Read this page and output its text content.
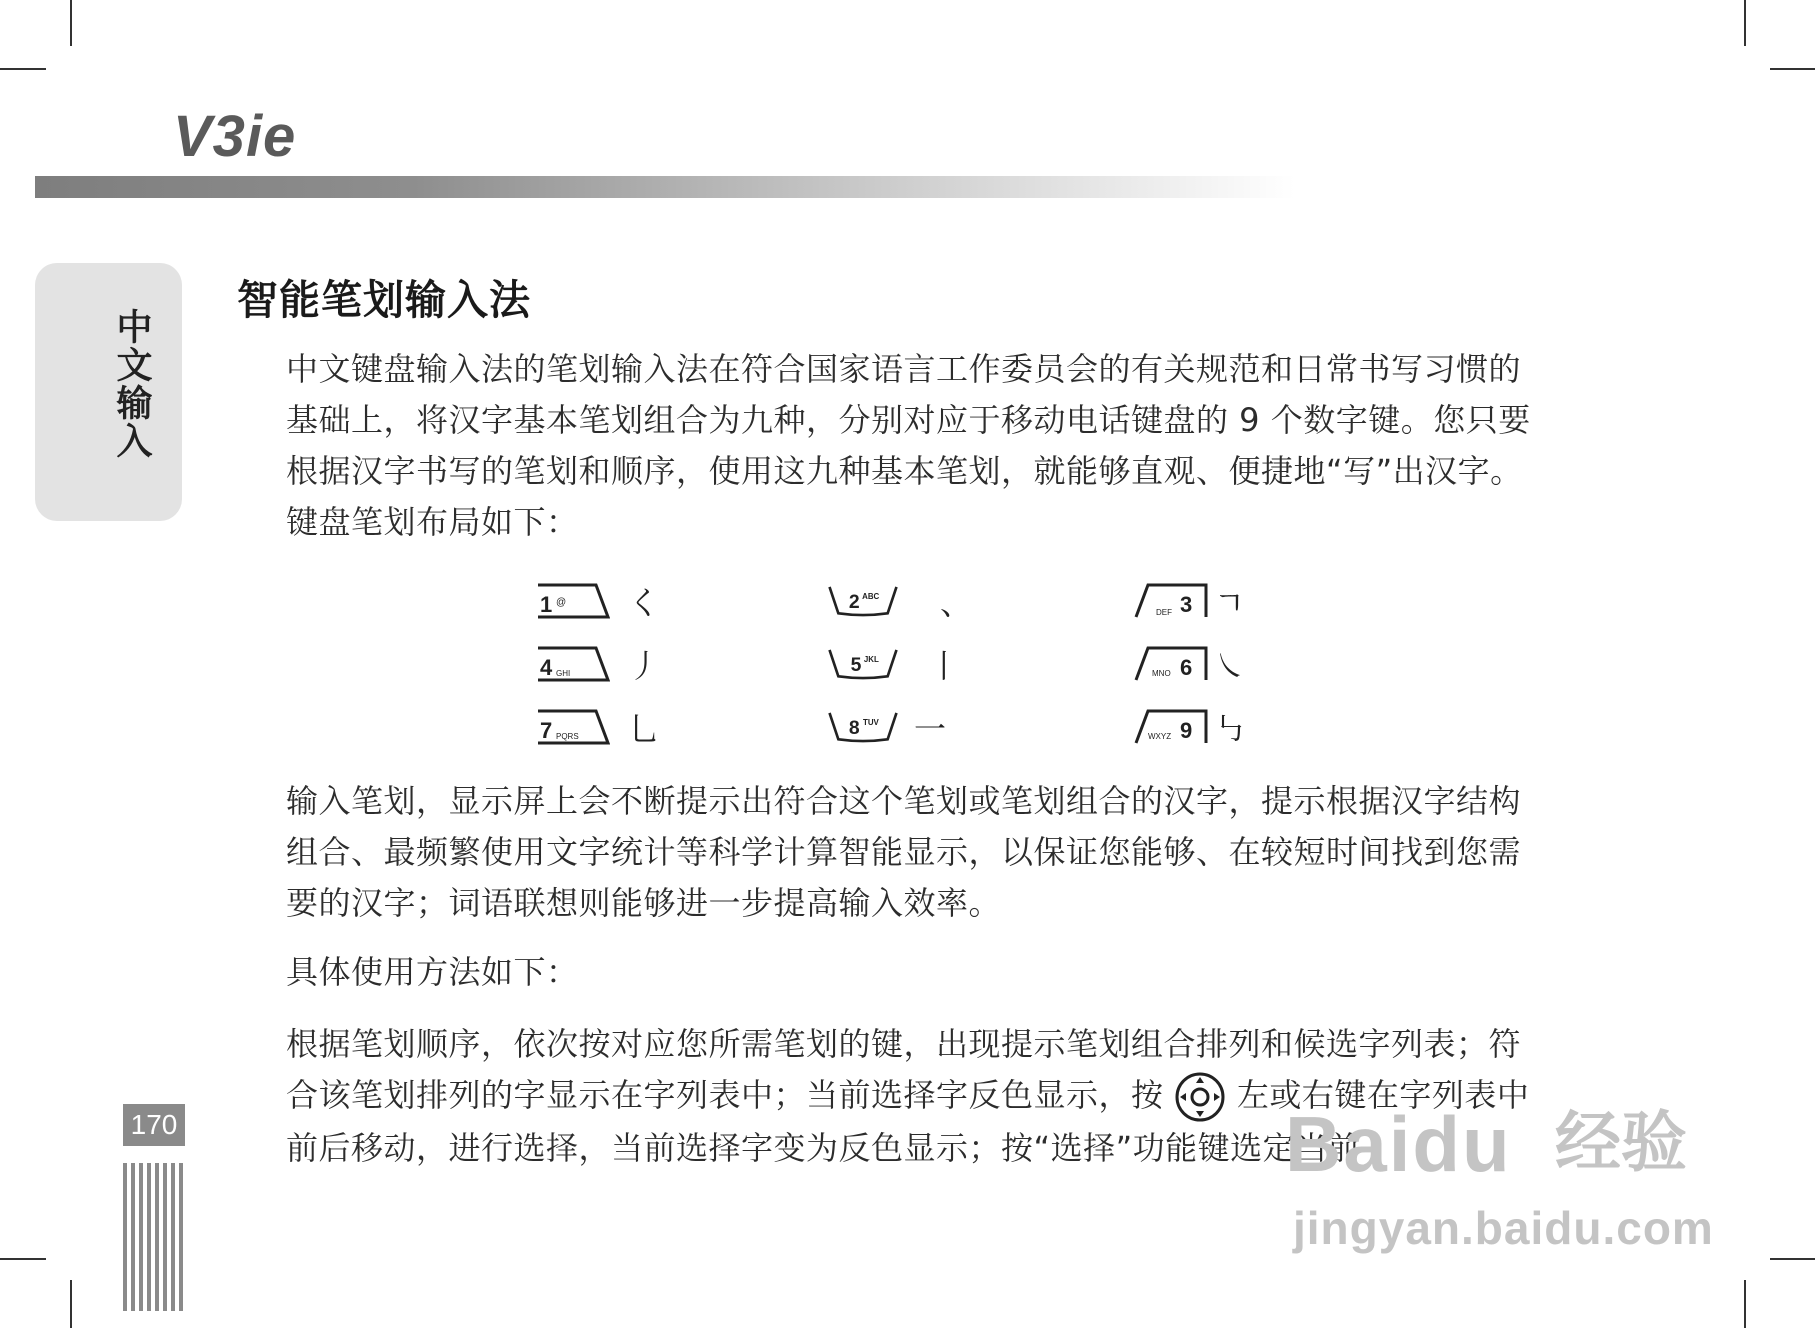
V3ie
中文输入
智能笔划输入法

中文键盘输入法的笔划输入法在符合国家语言工作委员会的有关规范和日常书写习惯的基础上，将汉字基本笔划组合为九种，分别对应于移动电话键盘的 9 个数字键。您只要根据汉字书写的笔划和顺序，使用这九种基本笔划，就能够直观、便捷地“写”出汉字。键盘笔划布局如下：

1 @ く	2 ABC 、	DEF 3 ㄱ
4 GHI 丿	5 JKL 丨	MNO 6 ㇏
7 PQRS 乚	8 TUV 一	WXYZ 9 ㇉

输入笔划，显示屏上会不断提示出符合这个笔划或笔划组合的汉字，提示根据汉字结构组合、最频繁使用文字统计等科学计算智能显示，以保证您能够、在较短时间找到您需要的汉字；词语联想则能够进一步提高输入效率。

具体使用方法如下：

根据笔划顺序，依次按对应您所需笔划的键，出现提示笔划组合排列和候选字列表；符合该笔划排列的字显示在字列表中；当前选择字反色显示，按 左或右键在字列表中前后移动，进行选择，当前选择字变为反色显示；按“选择”功能键选定当前

170	Baidu 经验
jingyan.baidu.com
